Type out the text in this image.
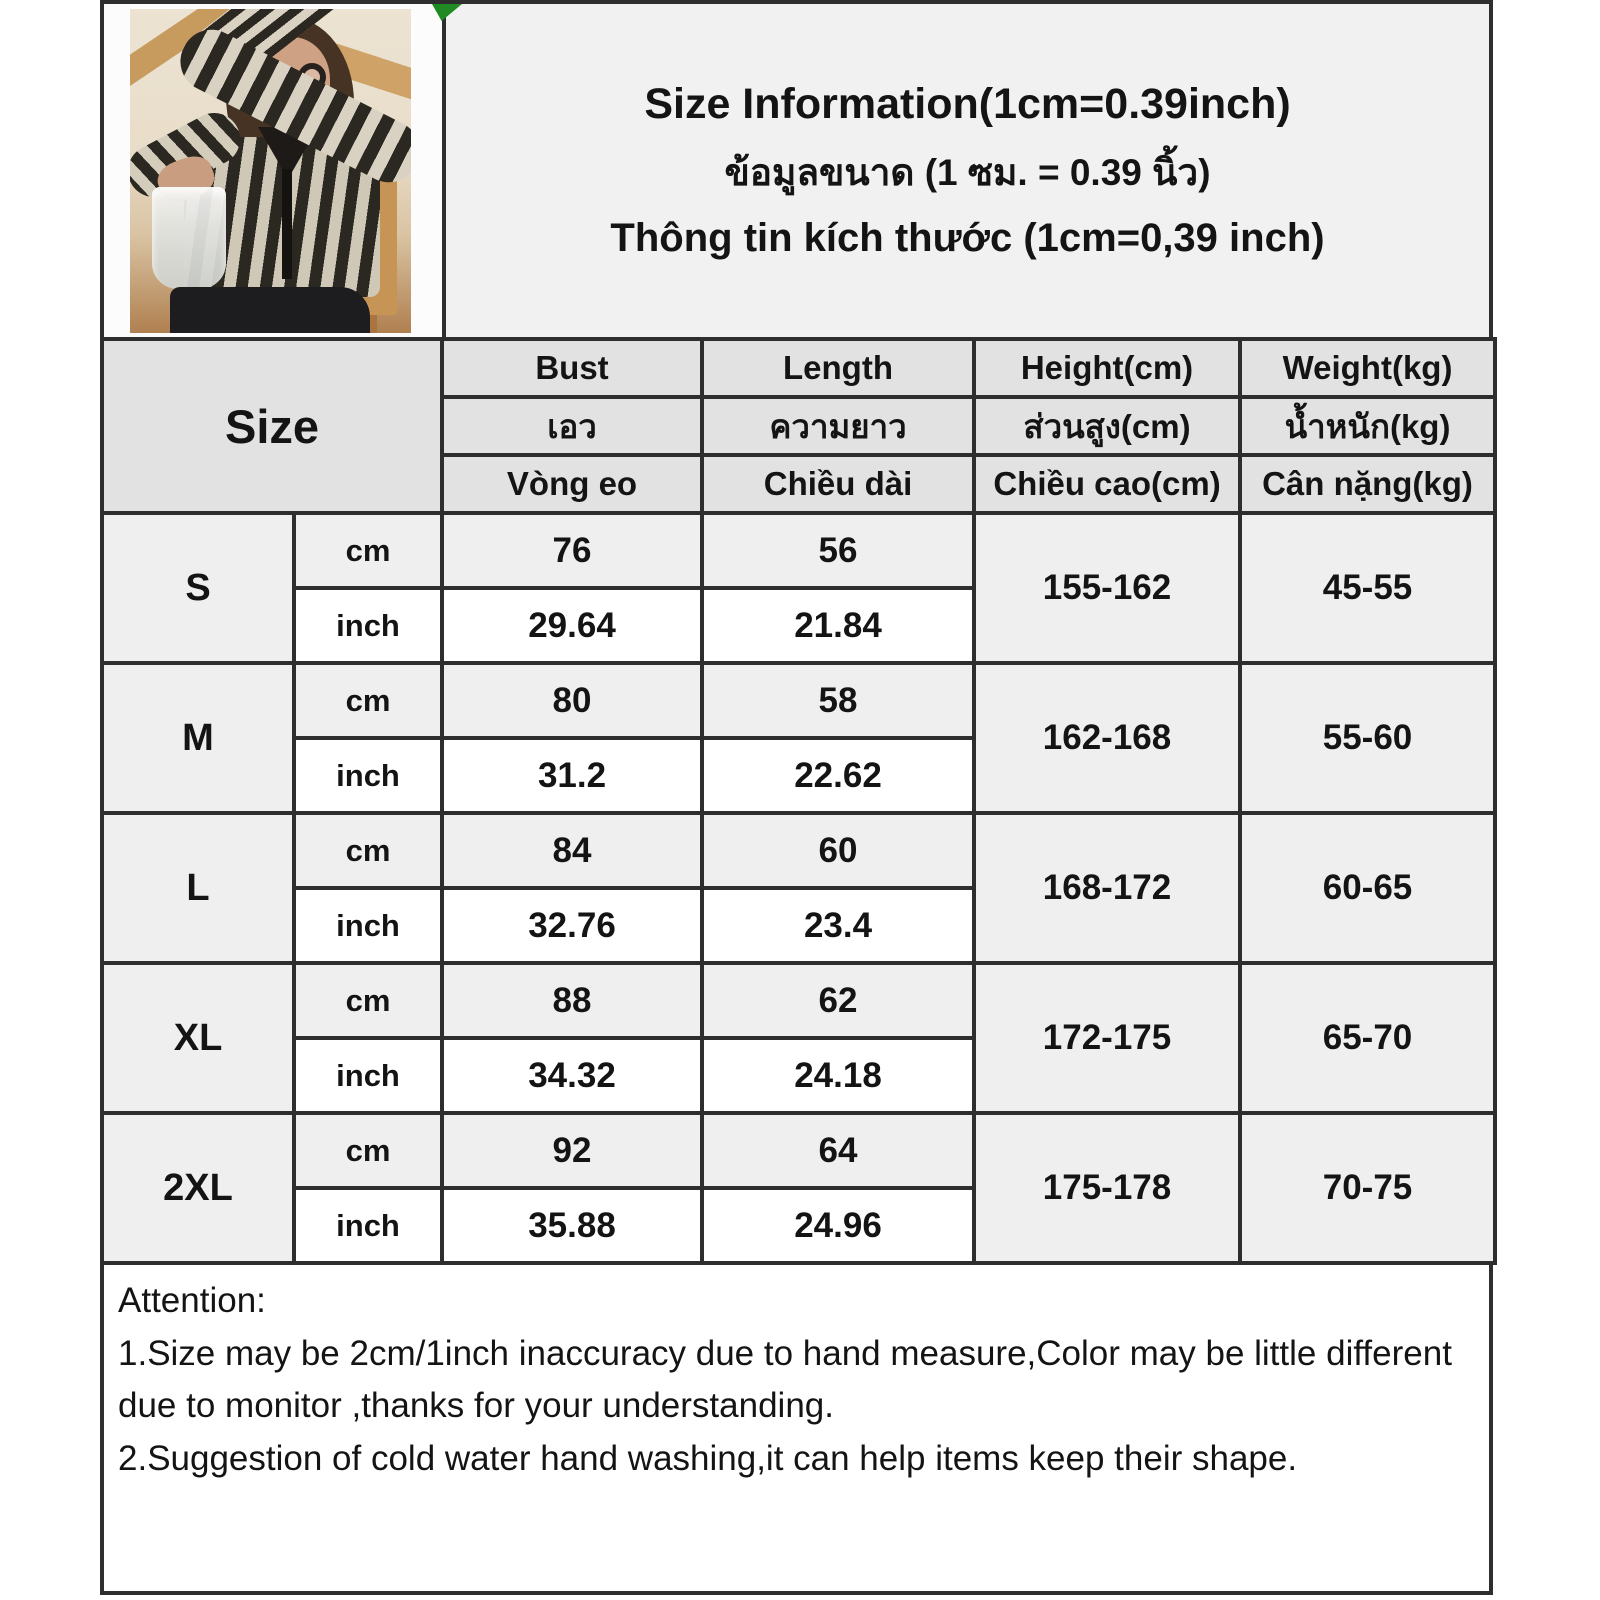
Size Information(1cm=0.39inch)
ข้อมูลขนาด (1 ซม. = 0.39 นิ้ว)
Thông tin kích thước (1cm=0,39 inch)
Size		Bust	Length	Height(cm)	Weight(kg)
		เอว	ความยาว	ส่วนสูง(cm)	น้ำหนัก(kg)
		Vòng eo	Chiều dài	Chiều cao(cm)	Cân nặng(kg)
S	cm	76	56	155-162	45-55
	inch	29.64	21.84		
M	cm	80	58	162-168	55-60
	inch	31.2	22.62		
L	cm	84	60	168-172	60-65
	inch	32.76	23.4		
XL	cm	88	62	172-175	65-70
	inch	34.32	24.18		
2XL	cm	92	64	175-178	70-75
	inch	35.88	24.96		
Attention:
1.Size may be 2cm/1inch inaccuracy due to hand measure,Color may be little different due to monitor ,thanks for your understanding.
2.Suggestion of cold water hand washing,it can help items keep their shape.
